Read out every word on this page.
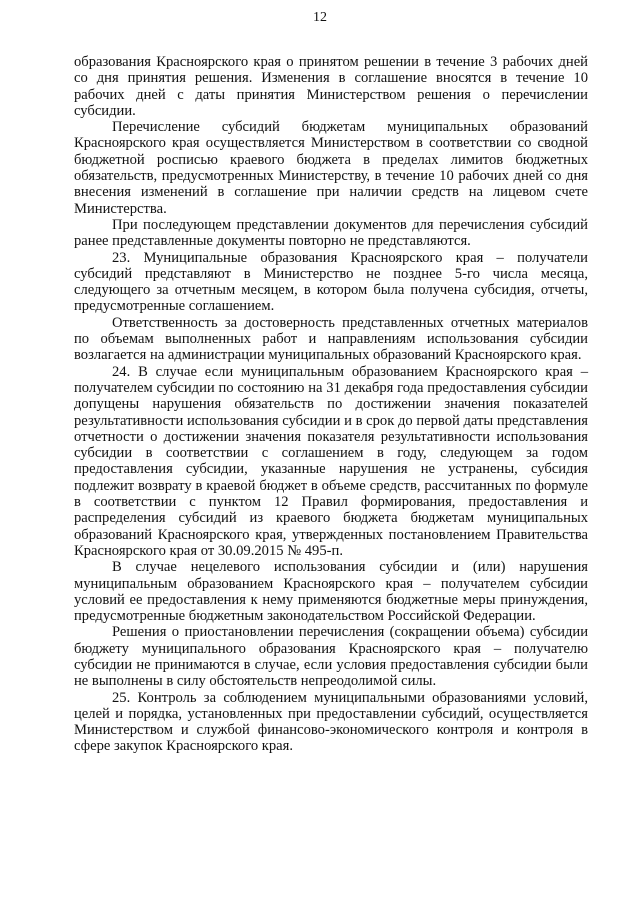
12

образования Красноярского края о принятом решении в течение 3 рабочих дней со дня принятия решения. Изменения в соглашение вносятся в течение 10 рабочих дней с даты принятия Министерством решения о перечислении субсидии.

Перечисление субсидий бюджетам муниципальных образований Красноярского края осуществляется Министерством в соответствии со сводной бюджетной росписью краевого бюджета в пределах лимитов бюджетных обязательств, предусмотренных Министерству, в течение 10 рабочих дней со дня внесения изменений в соглашение при наличии средств на лицевом счете Министерства.

При последующем представлении документов для перечисления субсидий ранее представленные документы повторно не представляются.

23. Муниципальные образования Красноярского края – получатели субсидий представляют в Министерство не позднее 5-го числа месяца, следующего за отчетным месяцем, в котором была получена субсидия, отчеты, предусмотренные соглашением.

Ответственность за достоверность представленных отчетных материалов по объемам выполненных работ и направлениям использования субсидии возлагается на администрации муниципальных образований Красноярского края.

24. В случае если муниципальным образованием Красноярского края – получателем субсидии по состоянию на 31 декабря года предоставления субсидии допущены нарушения обязательств по достижении значения показателей результативности использования субсидии и в срок до первой даты представления отчетности о достижении значения показателя результативности использования субсидии в соответствии с соглашением в году, следующем за годом предоставления субсидии, указанные нарушения не устранены, субсидия подлежит возврату в краевой бюджет в объеме средств, рассчитанных по формуле в соответствии с пунктом 12 Правил формирования, предоставления и распределения субсидий из краевого бюджета бюджетам муниципальных образований Красноярского края, утвержденных постановлением Правительства Красноярского края от 30.09.2015 № 495-п.

В случае нецелевого использования субсидии и (или) нарушения муниципальным образованием Красноярского края – получателем субсидии условий ее предоставления к нему применяются бюджетные меры принуждения, предусмотренные бюджетным законодательством Российской Федерации.

Решения о приостановлении перечисления (сокращении объема) субсидии бюджету муниципального образования Красноярского края – получателю субсидии не принимаются в случае, если условия предоставления субсидии были не выполнены в силу обстоятельств непреодолимой силы.

25. Контроль за соблюдением муниципальными образованиями условий, целей и порядка, установленных при предоставлении субсидий, осуществляется Министерством и службой финансово-экономического контроля и контроля в сфере закупок Красноярского края.
